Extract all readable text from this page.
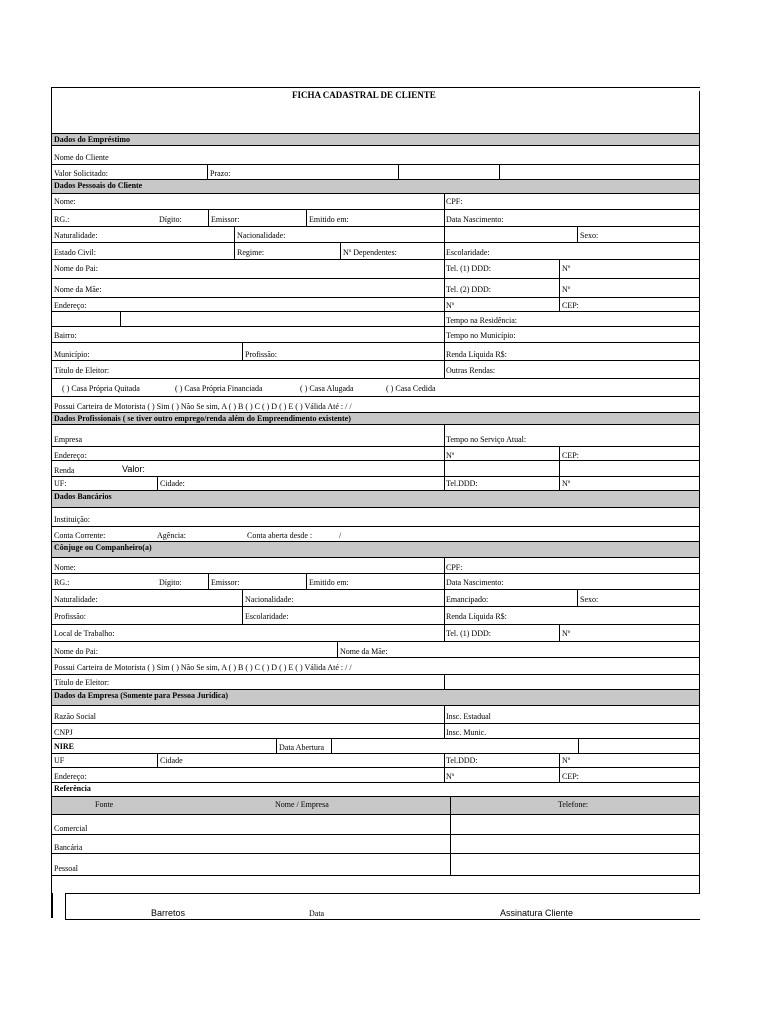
FICHA CADASTRAL DE CLIENTE
Dados do Empréstimo
Nome do Cliente
Valor Solicitado:	Prazo:
Dados Pessoais do Cliente
Nome:	CPF:
RG.:	Dígito:	Emissor:	Emitido em:	Data Nascimento:
Naturalidade:	Nacionalidade:	Sexo:
Estado Civil:	Regime:	Nº Dependentes:	Escolaridade:
Nome do Pai:	Tel. (1) DDD:	Nº
Nome da Mãe:	Tel. (2) DDD:	Nº
Endereço:	Nº	CEP:
Tempo na Residência:
Bairro:	Tempo no Município:
Município:	Profissão:	Renda Líquida R$:
Título de Eleitor:	Outras Rendas:
( ) Casa Própria Quitada	( ) Casa Própria Financiada	( ) Casa Alugada	( ) Casa Cedida
Possui Carteira de Motorista ( ) Sim ( ) Não Se sim, A ( ) B ( ) C ( ) D ( ) E ( ) Válida Até : / /
Dados Profissionais ( se tiver outro emprego/renda além do Empreendimento existente)
Empresa	Tempo no Serviço Atual:
Endereço:	Nº	CEP:
Renda	Valor:
UF:	Cidade:	Tel.DDD:	Nº
Dados Bancários
Instituição:
Conta Corrente:	Agência:	Conta aberta desde :	/
Cônjuge ou Companheiro(a)
Nome:	CPF:
RG.:	Dígito:	Emissor:	Emitido em:	Data Nascimento:
Naturalidade:	Nacionalidade:	Emancipado:	Sexo:
Profissão:	Escolaridade:	Renda Líquida R$:
Local de Trabalho:	Tel. (1) DDD:	Nº
Nome do Pai:	Nome da Mãe:
Possui Carteira de Motorista ( ) Sim ( ) Não Se sim, A ( ) B ( ) C ( ) D ( ) E ( ) Válida Até : / /
Título de Eleitor:
Dados da Empresa (Somente para Pessoa Jurídica)
Razão Social	Insc. Estadual
CNPJ	Insc. Munic.
NIRE	Data Abertura
UF	Cidade	Tel.DDD:	Nº
Endereço:	Nº	CEP:
Referência
Fonte	Nome / Empresa	Telefone:
Comercial
Bancária
Pessoal
Barretos	Data	Assinatura Cliente
